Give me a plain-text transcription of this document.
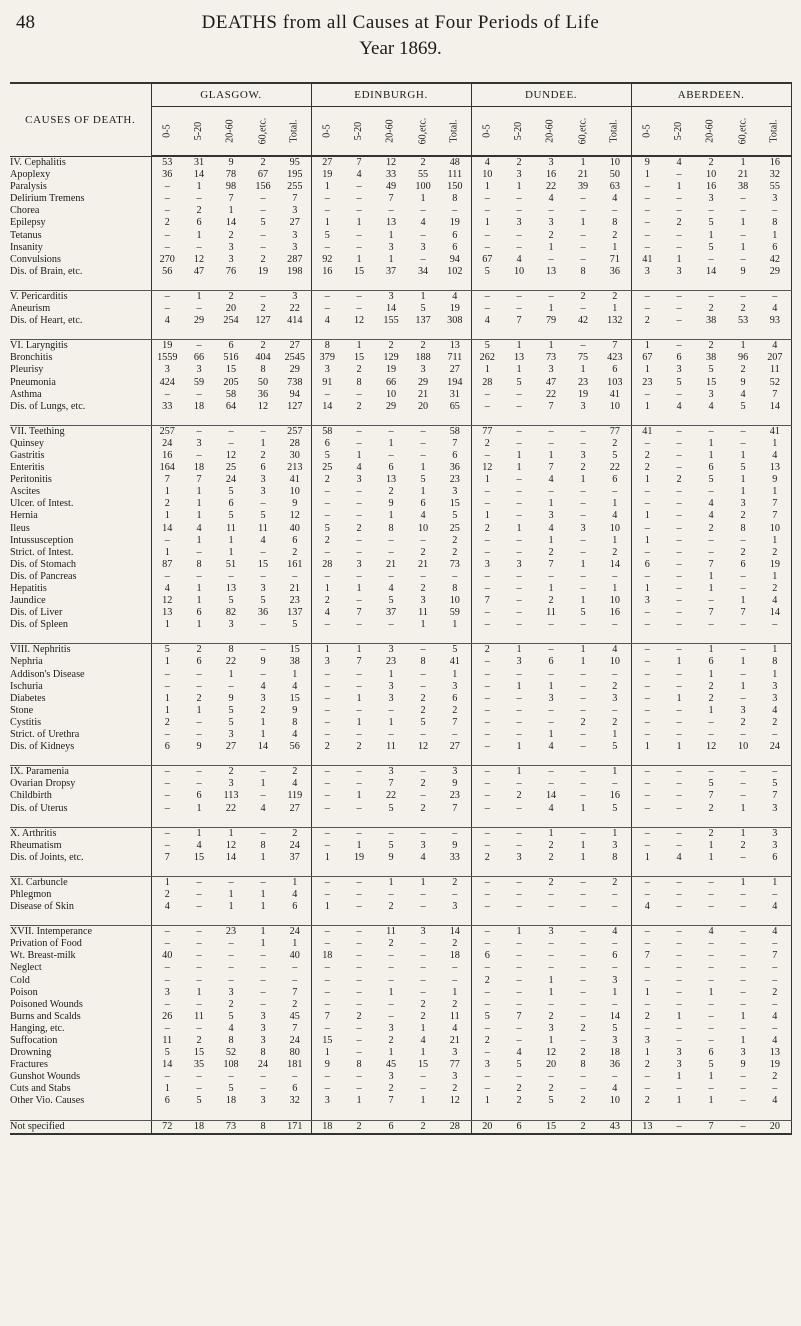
48	DEATHS from all Causes at Four Periods of Life
Year 1869.
CAUSES OF DEATH.	GLASGOW.					EDINBURGH.					DUNDEE.					ABERDEEN.				
	0-5	5-20	20-60	60,etc.	Total.	0-5	5-20	20-60	60,etc.	Total.	0-5	5-20	20-60	60,etc.	Total.	0-5	5-20	20-60	60,etc.	Total.
IV. Cephalitis	53	31	9	2	95	27	7	12	2	48	4	2	3	1	10	9	4	2	1	16
Apoplexy	36	14	78	67	195	19	4	33	55	111	10	3	16	21	50	1	–	10	21	32
Paralysis	–	1	98	156	255	1	–	49	100	150	1	1	22	39	63	–	1	16	38	55
Delirium Tremens	–	–	7	–	7	–	–	7	1	8	–	–	4	–	4	–	–	3	–	3
Chorea	–	2	1	–	3	–	–	–	–	–	–	–	–	–	–	–	–	–	–	–
Epilepsy	2	6	14	5	27	1	1	13	4	19	1	3	3	1	8	–	2	5	1	8
Tetanus	–	1	2	–	3	5	–	1	–	6	–	–	2	–	2	–	–	1	–	1
Insanity	–	–	3	–	3	–	–	3	3	6	–	–	1	–	1	–	–	5	1	6
Convulsions	270	12	3	2	287	92	1	1	–	94	67	4	–	–	71	41	1	–	–	42
Dis. of Brain, etc.	56	47	76	19	198	16	15	37	34	102	5	10	13	8	36	3	3	14	9	29

V. Pericarditis	–	1	2	–	3	–	–	3	1	4	–	–	–	2	2	–	–	–	–	–
Aneurism	–	–	20	2	22	–	–	14	5	19	–	–	1	–	1	–	–	2	2	4
Dis. of Heart, etc.	4	29	254	127	414	4	12	155	137	308	4	7	79	42	132	2	–	38	53	93

VI. Laryngitis	19	–	6	2	27	8	1	2	2	13	5	1	1	–	7	1	–	2	1	4
Bronchitis	1559	66	516	404	2545	379	15	129	188	711	262	13	73	75	423	67	6	38	96	207
Pleurisy	3	3	15	8	29	3	2	19	3	27	1	1	3	1	6	1	3	5	2	11
Pneumonia	424	59	205	50	738	91	8	66	29	194	28	5	47	23	103	23	5	15	9	52
Asthma	–	–	58	36	94	–	–	10	21	31	–	–	22	19	41	–	–	3	4	7
Dis. of Lungs, etc.	33	18	64	12	127	14	2	29	20	65	–	–	7	3	10	1	4	4	5	14

VII. Teething	257	–	–	–	257	58	–	–	–	58	77	–	–	–	77	41	–	–	–	41
Quinsey	24	3	–	1	28	6	–	1	–	7	2	–	–	–	2	–	–	1	–	1
Gastritis	16	–	12	2	30	5	1	–	–	6	–	1	1	3	5	2	–	1	1	4
Enteritis	164	18	25	6	213	25	4	6	1	36	12	1	7	2	22	2	–	6	5	13
Peritonitis	7	7	24	3	41	2	3	13	5	23	1	–	4	1	6	1	2	5	1	9
Ascites	1	1	5	3	10	–	–	2	1	3	–	–	–	–	–	–	–	–	1	1
Ulcer. of Intest.	2	1	6	–	9	–	–	9	6	15	–	–	1	–	1	–	–	4	3	7
Hernia	1	1	5	5	12	–	–	1	4	5	1	–	3	–	4	1	–	4	2	7
Ileus	14	4	11	11	40	5	2	8	10	25	2	1	4	3	10	–	–	2	8	10
Intussusception	–	1	1	4	6	2	–	–	–	2	–	–	1	–	1	1	–	–	–	1
Strict. of Intest.	1	–	1	–	2	–	–	–	2	2	–	–	2	–	2	–	–	–	2	2
Dis. of Stomach	87	8	51	15	161	28	3	21	21	73	3	3	7	1	14	6	–	7	6	19
Dis. of Pancreas	–	–	–	–	–	–	–	–	–	–	–	–	–	–	–	–	–	1	–	1
Hepatitis	4	1	13	3	21	1	1	4	2	8	–	–	1	–	1	1	–	1	–	2
Jaundice	12	1	5	5	23	2	–	5	3	10	7	–	2	1	10	3	–	–	1	4
Dis. of Liver	13	6	82	36	137	4	7	37	11	59	–	–	11	5	16	–	–	7	7	14
Dis. of Spleen	1	1	3	–	5	–	–	–	1	1	–	–	–	–	–	–	–	–	–	–

VIII. Nephritis	5	2	8	–	15	1	1	3	–	5	2	1	–	1	4	–	–	1	–	1
Nephria	1	6	22	9	38	3	7	23	8	41	–	3	6	1	10	–	1	6	1	8
Addison's Disease	–	–	1	–	1	–	–	1	–	1	–	–	–	–	–	–	–	1	–	1
Ischuria	–	–	–	4	4	–	–	3	–	3	–	1	1	–	2	–	–	2	1	3
Diabetes	1	2	9	3	15	–	1	3	2	6	–	–	3	–	3	–	1	2	–	3
Stone	1	1	5	2	9	–	–	–	2	2	–	–	–	–	–	–	–	1	3	4
Cystitis	2	–	5	1	8	–	1	1	5	7	–	–	–	2	2	–	–	–	2	2
Strict. of Urethra	–	–	3	1	4	–	–	–	–	–	–	–	1	–	1	–	–	–	–	–
Dis. of Kidneys	6	9	27	14	56	2	2	11	12	27	–	1	4	–	5	1	1	12	10	24

IX. Paramenia	–	–	2	–	2	–	–	3	–	3	–	1	–	–	1	–	–	–	–	–
Ovarian Dropsy	–	–	3	1	4	–	–	7	2	9	–	–	–	–	–	–	–	5	–	5
Childbirth	–	6	113	–	119	–	1	22	–	23	–	2	14	–	16	–	–	7	–	7
Dis. of Uterus	–	1	22	4	27	–	–	5	2	7	–	–	4	1	5	–	–	2	1	3

X. Arthritis	–	1	1	–	2	–	–	–	–	–	–	–	1	–	1	–	–	2	1	3
Rheumatism	–	4	12	8	24	–	1	5	3	9	–	–	2	1	3	–	–	1	2	3
Dis. of Joints, etc.	7	15	14	1	37	1	19	9	4	33	2	3	2	1	8	1	4	1	–	6

XI. Carbuncle	1	–	–	–	1	–	–	1	1	2	–	–	2	–	2	–	–	–	1	1
Phlegmon	2	–	1	1	4	–	–	–	–	–	–	–	–	–	–	–	–	–	–	–
Disease of Skin	4	–	1	1	6	1	–	2	–	3	–	–	–	–	–	4	–	–	–	4

XVII. Intemperance	–	–	23	1	24	–	–	11	3	14	–	1	3	–	4	–	–	4	–	4
Privation of Food	–	–	–	1	1	–	–	2	–	2	–	–	–	–	–	–	–	–	–	–
Wt. Breast-milk	40	–	–	–	40	18	–	–	–	18	6	–	–	–	6	7	–	–	–	7
Neglect	–	–	–	–	–	–	–	–	–	–	–	–	–	–	–	–	–	–	–	–
Cold	–	–	–	–	–	–	–	–	–	–	2	–	1	–	3	–	–	–	–	–
Poison	3	1	3	–	7	–	–	1	–	1	–	–	1	–	1	1	–	1	–	2
Poisoned Wounds	–	–	2	–	2	–	–	–	2	2	–	–	–	–	–	–	–	–	–	–
Burns and Scalds	26	11	5	3	45	7	2	–	2	11	5	7	2	–	14	2	1	–	1	4
Hanging, etc.	–	–	4	3	7	–	–	3	1	4	–	–	3	2	5	–	–	–	–	–
Suffocation	11	2	8	3	24	15	–	2	4	21	2	–	1	–	3	3	–	–	1	4
Drowning	5	15	52	8	80	1	–	1	1	3	–	4	12	2	18	1	3	6	3	13
Fractures	14	35	108	24	181	9	8	45	15	77	3	5	20	8	36	2	3	5	9	19
Gunshot Wounds	–	–	–	–	–	–	–	3	–	3	–	–	–	–	–	–	1	1	–	2
Cuts and Stabs	1	–	5	–	6	–	–	2	–	2	–	2	2	–	4	–	–	–	–	–
Other Vio. Causes	6	5	18	3	32	3	1	7	1	12	1	2	5	2	10	2	1	1	–	4

Not specified	72	18	73	8	171	18	2	6	2	28	20	6	15	2	43	13	–	7	–	20
